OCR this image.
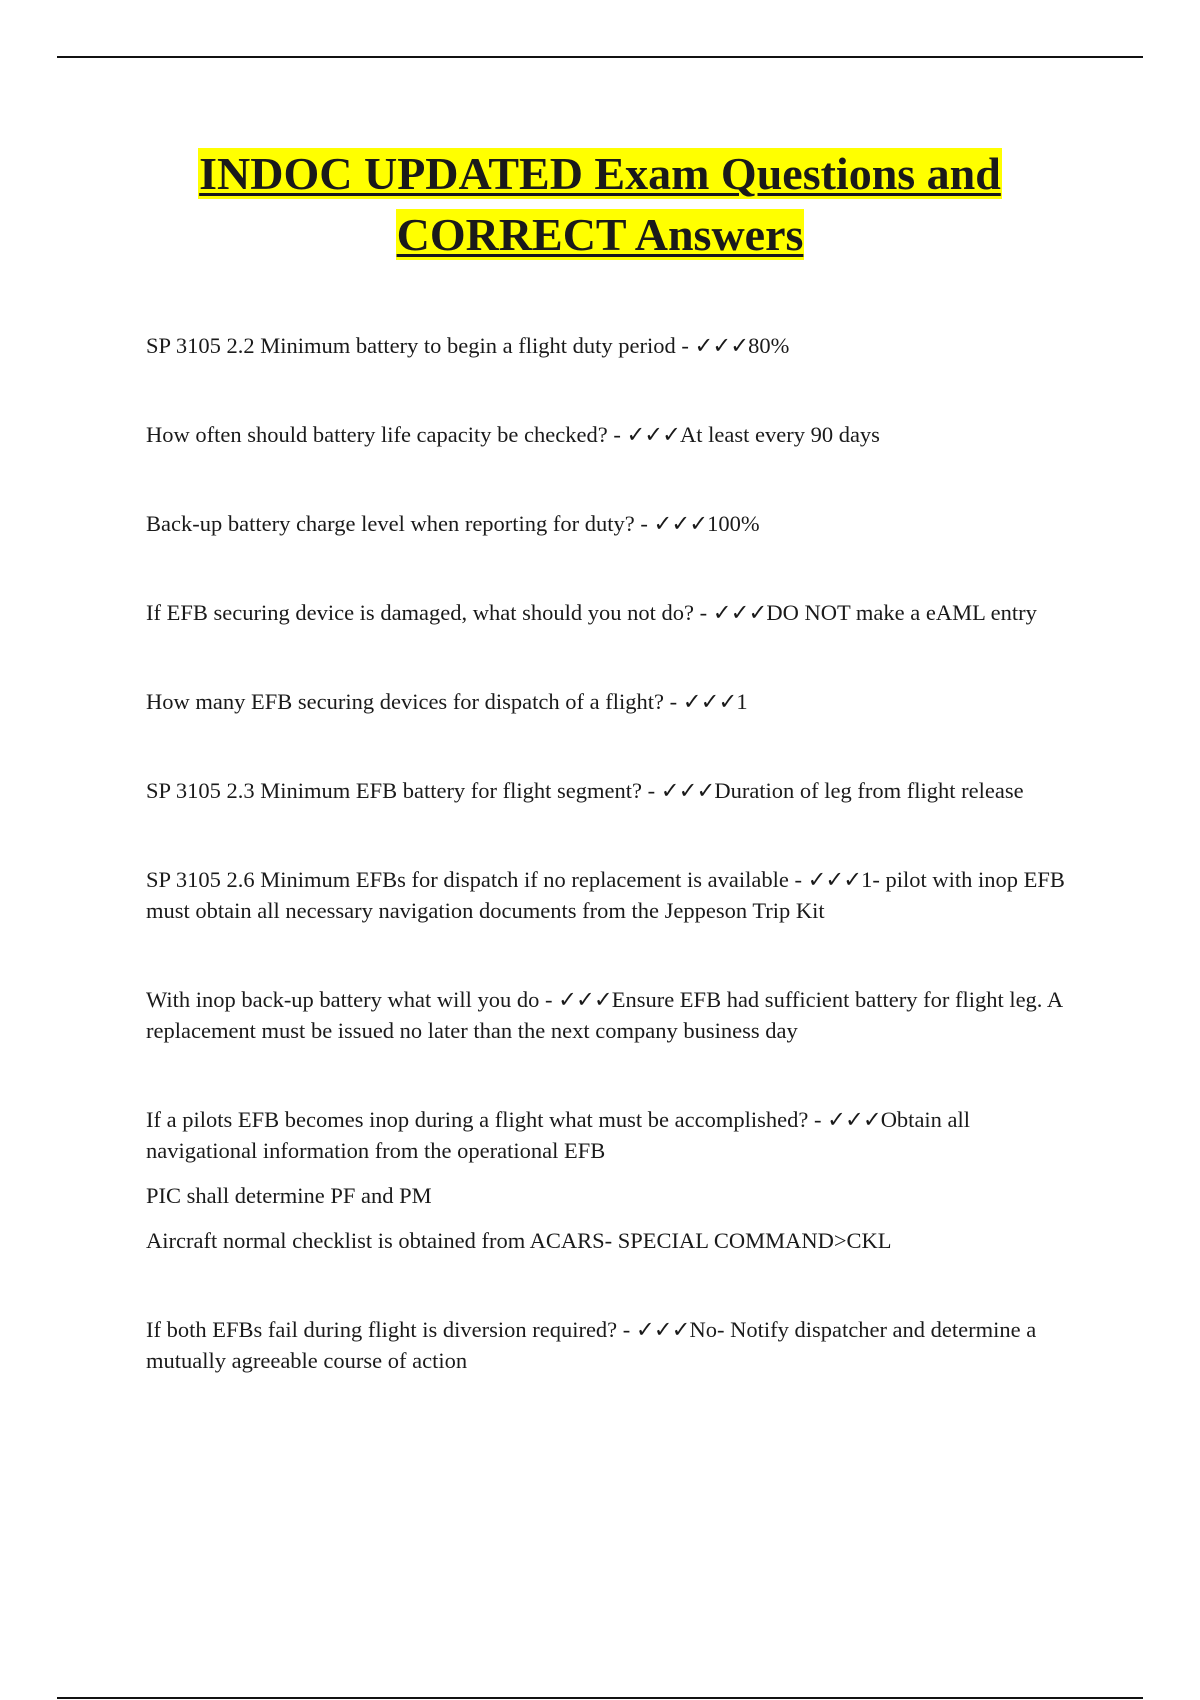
INDOC UPDATED Exam Questions and
CORRECT Answers

SP 3105 2.2 Minimum battery to begin a flight duty period - ✓✓✓80%

How often should battery life capacity be checked? - ✓✓✓At least every 90 days

Back-up battery charge level when reporting for duty? - ✓✓✓100%

If EFB securing device is damaged, what should you not do? - ✓✓✓DO NOT make a eAML entry

How many EFB securing devices for dispatch of a flight? - ✓✓✓1

SP 3105 2.3 Minimum EFB battery for flight segment? - ✓✓✓Duration of leg from flight release

SP 3105 2.6 Minimum EFBs for dispatch if no replacement is available - ✓✓✓1- pilot with inop EFB must obtain all necessary navigation documents from the Jeppeson Trip Kit

With inop back-up battery what will you do - ✓✓✓Ensure EFB had sufficient battery for flight leg. A replacement must be issued no later than the next company business day

If a pilots EFB becomes inop during a flight what must be accomplished? - ✓✓✓Obtain all navigational information from the operational EFB

PIC shall determine PF and PM

Aircraft normal checklist is obtained from ACARS- SPECIAL COMMAND>CKL

If both EFBs fail during flight is diversion required? - ✓✓✓No- Notify dispatcher and determine a mutually agreeable course of action
